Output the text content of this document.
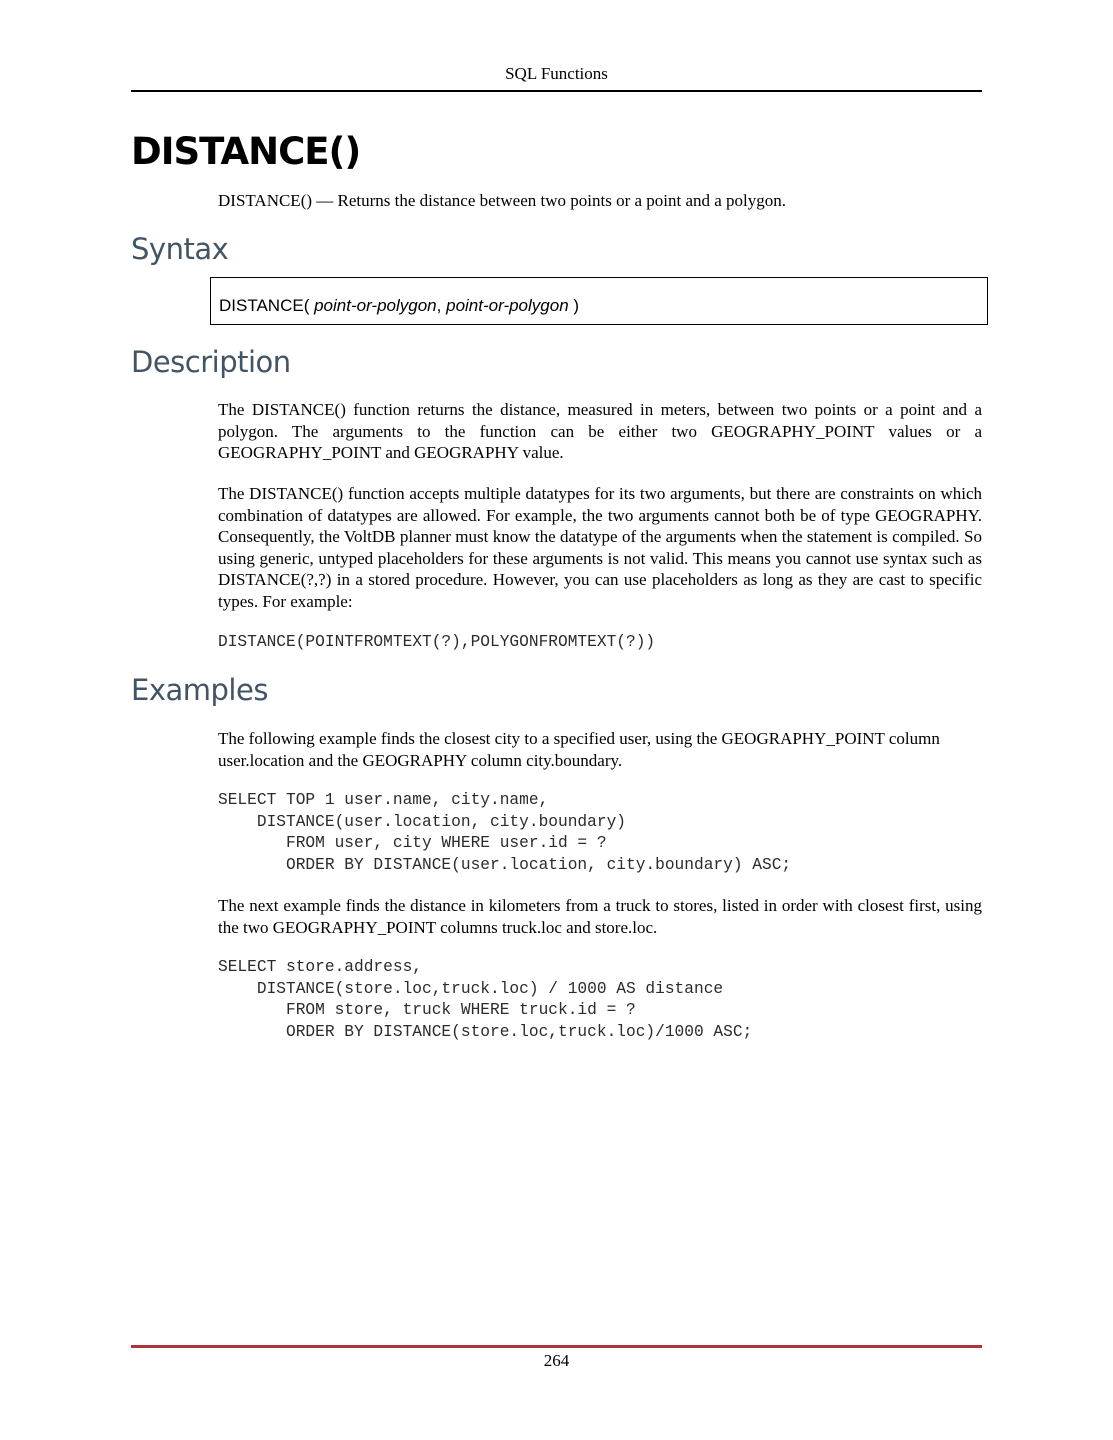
SQL Functions
DISTANCE()
DISTANCE() — Returns the distance between two points or a point and a polygon.
Syntax
DISTANCE( point-or-polygon, point-or-polygon )
Description

The DISTANCE() function returns the distance, measured in meters, between two points or a point and a polygon. The arguments to the function can be either two GEOGRAPHY_POINT values or a GEOGRAPHY_POINT and GEOGRAPHY value.

The DISTANCE() function accepts multiple datatypes for its two arguments, but there are constraints on which combination of datatypes are allowed. For example, the two arguments cannot both be of type GEOGRAPHY. Consequently, the VoltDB planner must know the datatype of the arguments when the statement is compiled. So using generic, untyped placeholders for these arguments is not valid. This means you cannot use syntax such as DISTANCE(?,?) in a stored procedure. However, you can use placeholders as long as they are cast to specific types. For example:

DISTANCE(POINTFROMTEXT(?),POLYGONFROMTEXT(?))
Examples

The following example finds the closest city to a specified user, using the GEOGRAPHY_POINT column user.location and the GEOGRAPHY column city.boundary.

SELECT TOP 1 user.name, city.name,
DISTANCE(user.location, city.boundary)
FROM user, city WHERE user.id = ?
ORDER BY DISTANCE(user.location, city.boundary) ASC;

The next example finds the distance in kilometers from a truck to stores, listed in order with closest first, using the two GEOGRAPHY_POINT columns truck.loc and store.loc.

SELECT store.address,
DISTANCE(store.loc,truck.loc) / 1000 AS distance
FROM store, truck WHERE truck.id = ?
ORDER BY DISTANCE(store.loc,truck.loc)/1000 ASC;
264
